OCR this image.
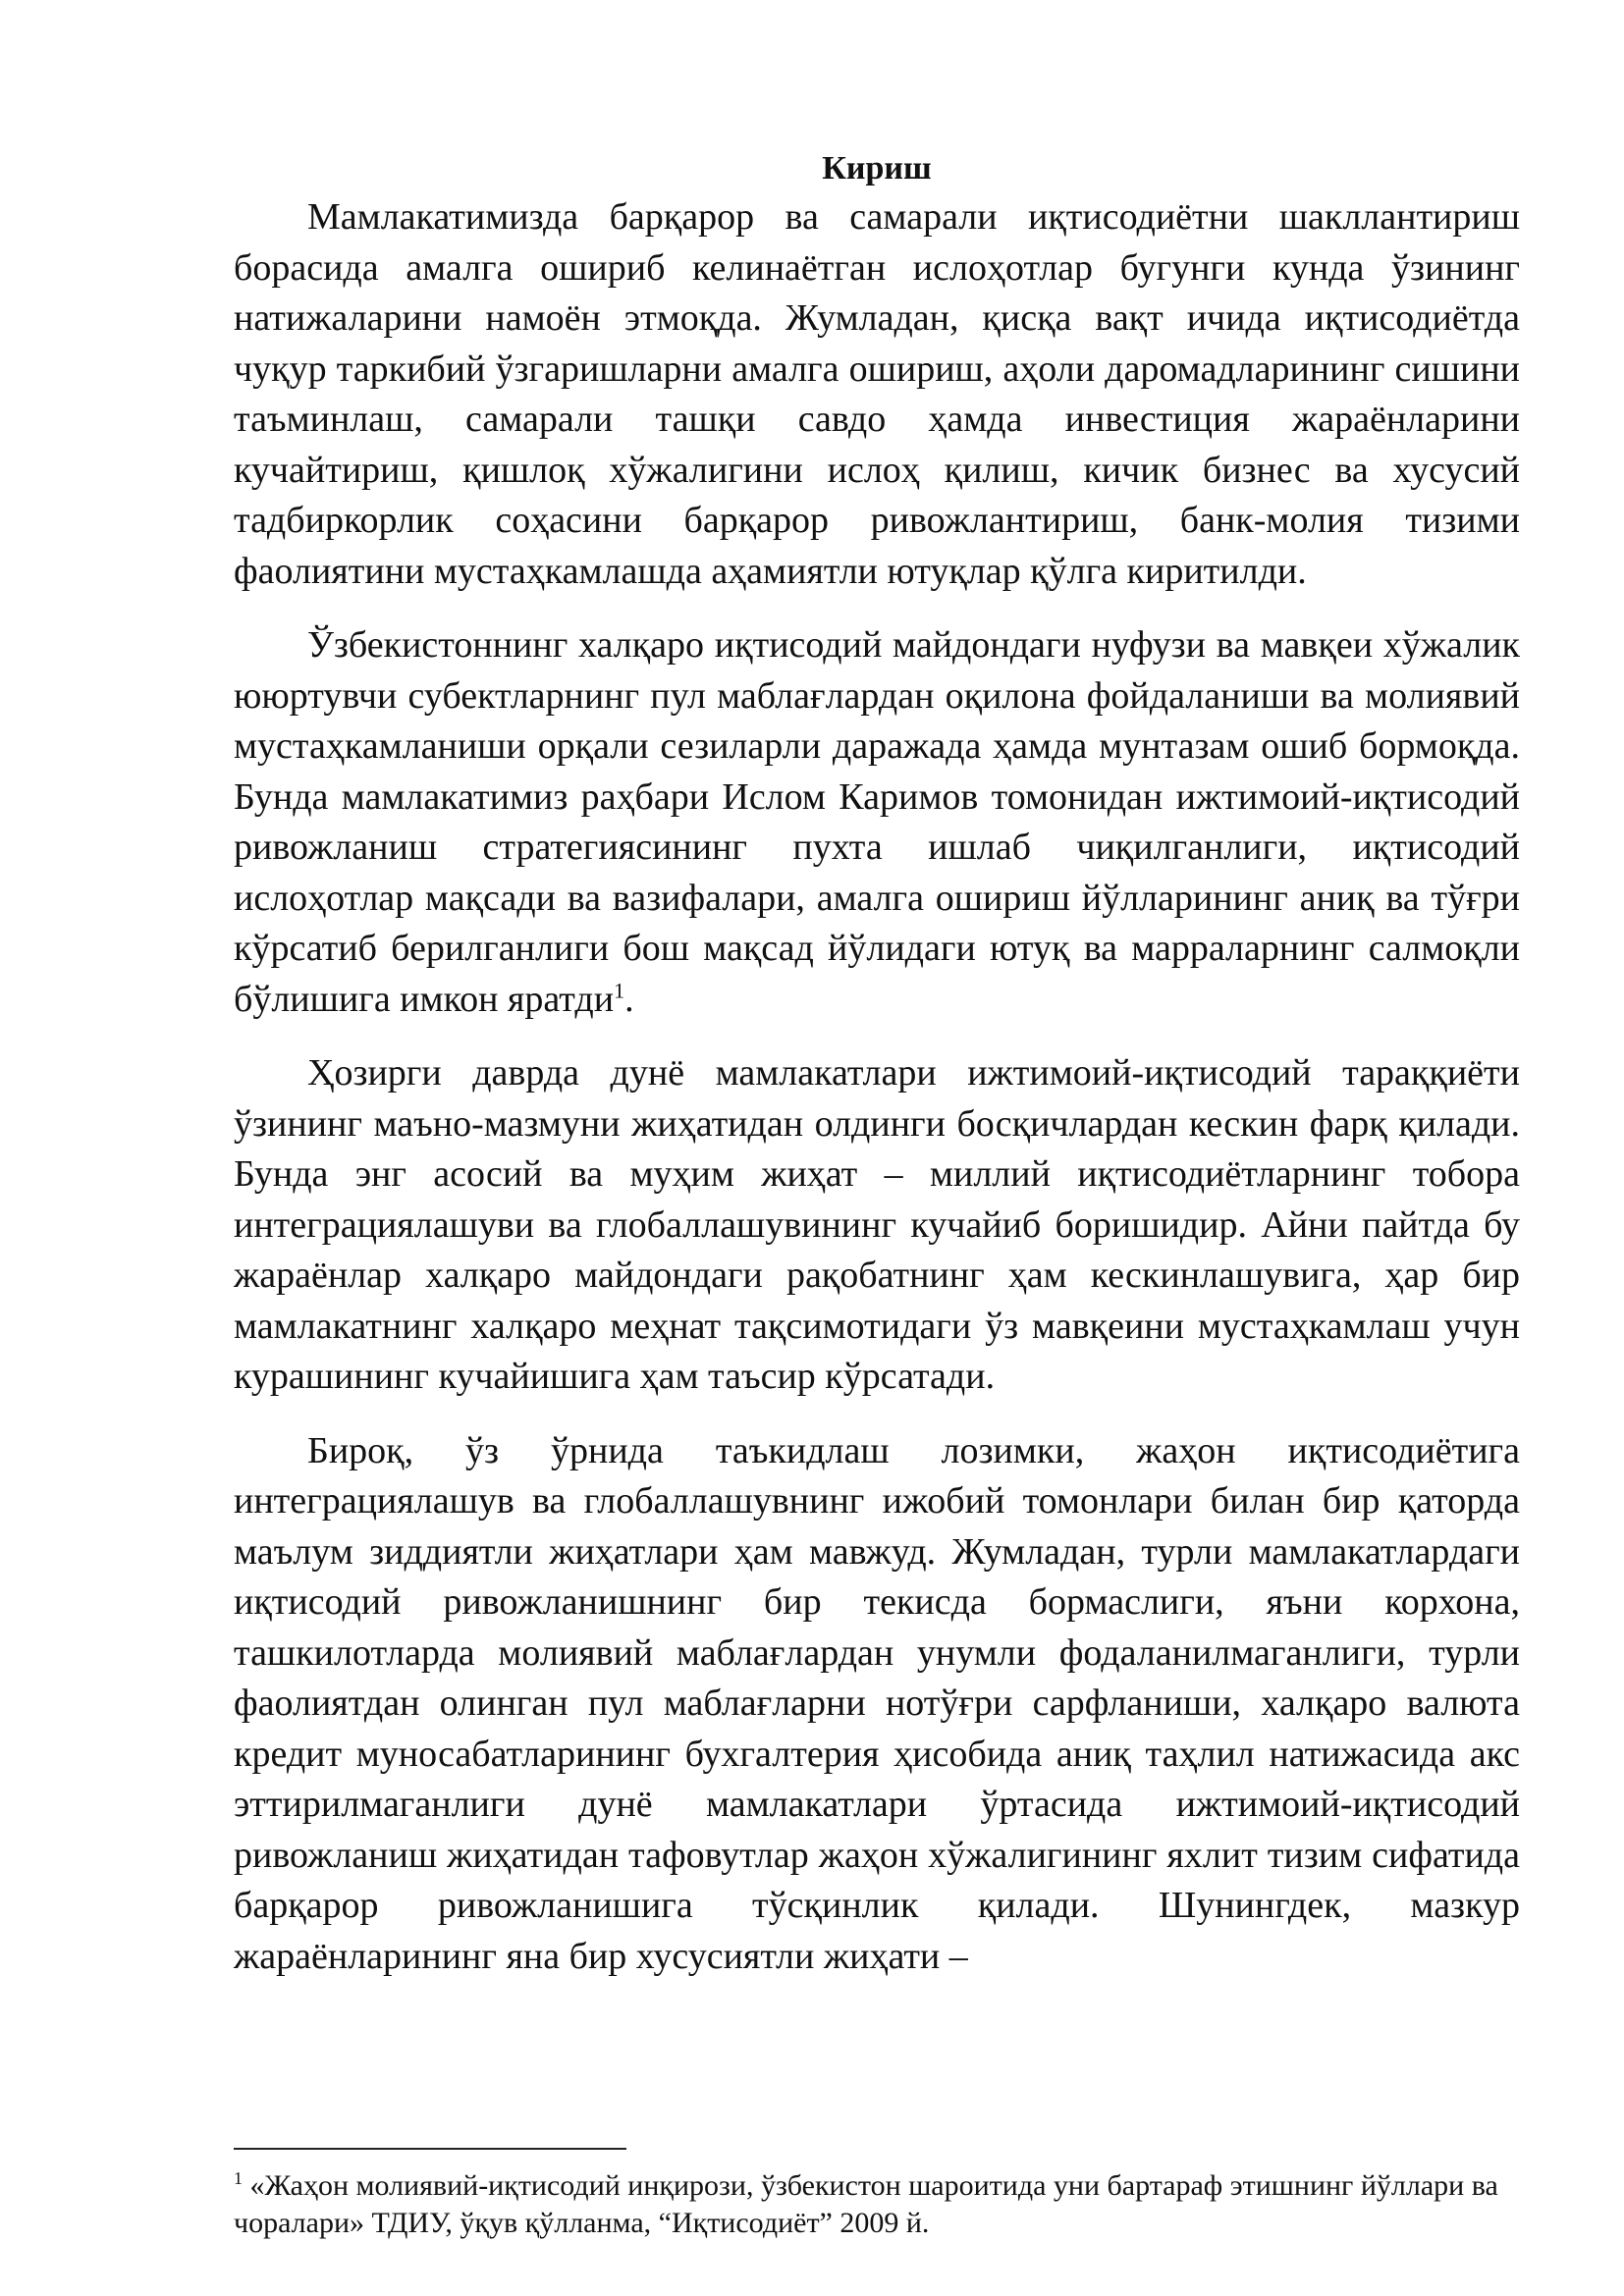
Кириш

Мамлакатимизда барқарор ва самарали иқтисодиётни шакллантириш борасида амалга ошириб келинаётган ислоҳотлар бугунги кунда ўзининг натижаларини намоён этмоқда. Жумладан, қисқа вақт ичида иқтисодиётда чуқур таркибий ўзгаришларни амалга ошириш, аҳоли даромадларининг сишини таъминлаш, самарали ташқи савдо ҳамда инвестиция жараёнларини кучайтириш, қишлоқ хўжалигини ислоҳ қилиш, кичик бизнес ва хусусий тадбиркорлик соҳасини барқарор ривожлантириш, банк-молия тизими фаолиятини мустаҳкамлашда аҳамиятли ютуқлар қўлга киритилди.

Ўзбекистоннинг халқаро иқтисодий майдондаги нуфузи ва мавқеи хўжалик ююртувчи субектларнинг пул маблағлардан оқилона фойдаланиши ва молиявий мустаҳкамланиши орқали сезиларли даражада ҳамда мунтазам ошиб бормоқда. Бунда мамлакатимиз раҳбари Ислом Каримов томонидан ижтимоий-иқтисодий ривожланиш стратегиясининг пухта ишлаб чиқилганлиги, иқтисодий ислоҳотлар мақсади ва вазифалари, амалга ошириш йўлларининг аниқ ва тўғри кўрсатиб берилганлиги бош мақсад йўлидаги ютуқ ва марраларнинг салмоқли бўлишига имкон яратди$^1$.

Ҳозирги даврда дунё мамлакатлари ижтимоий-иқтисодий тараққиёти ўзининг маъно-мазмуни жиҳатидан олдинги босқичлардан кескин фарқ қилади. Бунда энг асосий ва муҳим жиҳат – миллий иқтисодиётларнинг тобора интеграциялашуви ва глобаллашувининг кучайиб боришидир. Айни пайтда бу жараёнлар халқаро майдондаги рақобатнинг ҳам кескинлашувига, ҳар бир мамлакатнинг халқаро меҳнат тақсимотидаги ўз мавқеини мустаҳкамлаш учун курашининг кучайишига ҳам таъсир кўрсатади.

Бироқ, ўз ўрнида таъкидлаш лозимки, жаҳон иқтисодиётига интеграциялашув ва глобаллашувнинг ижобий томонлари билан бир қаторда маълум зиддиятли жиҳатлари ҳам мавжуд. Жумладан, турли мамлакатлардаги иқтисодий ривожланишнинг бир текисда бормаслиги, яъни корхона, ташкилотларда молиявий маблағлардан унумли фодаланилмаганлиги, турли фаолиятдан олинган пул маблағларни нотўғри сарфланиши, халқаро валюта кредит муносабатларининг бухгалтерия ҳисобида аниқ таҳлил натижасида акс эттирилмаганлиги дунё мамлакатлари ўртасида ижтимоий-иқтисодий ривожланиш жиҳатидан тафовутлар жаҳон хўжалигининг яхлит тизим сифатида барқарор ривожланишига тўсқинлик қилади. Шунингдек, мазкур жараёнларининг яна бир хусусиятли жиҳати –

$^1$ «Жаҳон молиявий-иқтисодий инқирози, ўзбекистон шароитида уни бартараф этишнинг йўллари ва чоралари» ТДИУ, ўқув қўлланма, “Иқтисодиёт” 2009 й.
